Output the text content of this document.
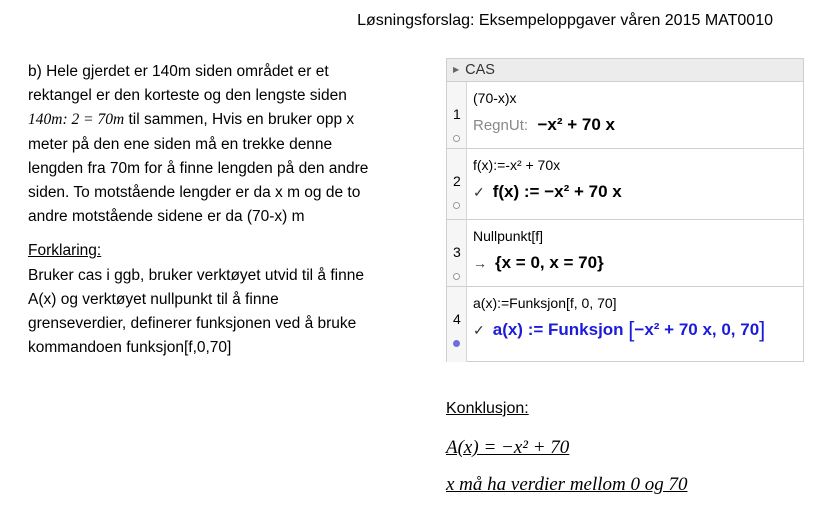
Løsningsforslag: Eksempeloppgaver våren 2015 MAT0010

b) Hele gjerdet er 140m siden området er et rektangel er den korteste og den lengste siden 140m: 2 = 70m til sammen, Hvis en bruker opp x meter på den ene siden må en trekke denne lengden fra 70m for å finne lengden på den andre siden. To motstående lengder er da x m og de to andre motstående sidene er da (70-x) m

Forklaring:

Bruker cas i ggb, bruker verktøyet utvid til å finne A(x) og verktøyet nullpunkt til å finne grenseverdier, definerer funksjonen ved å bruke kommandoen funksjon[f,0,70]

▶ CAS
1
(70-x)x
RegnUt: −x² + 70 x
2
f(x):=-x² + 70x
✓ f(x) := −x² + 70 x
3
Nullpunkt[f]
→ {x = 0, x = 70}
4
a(x):=Funksjon[f, 0, 70]
✓ a(x) := Funksjon [−x² + 70 x, 0, 70]
Konklusjon:
A(x) = −x² + 70
x må ha verdier mellom 0 og 70
